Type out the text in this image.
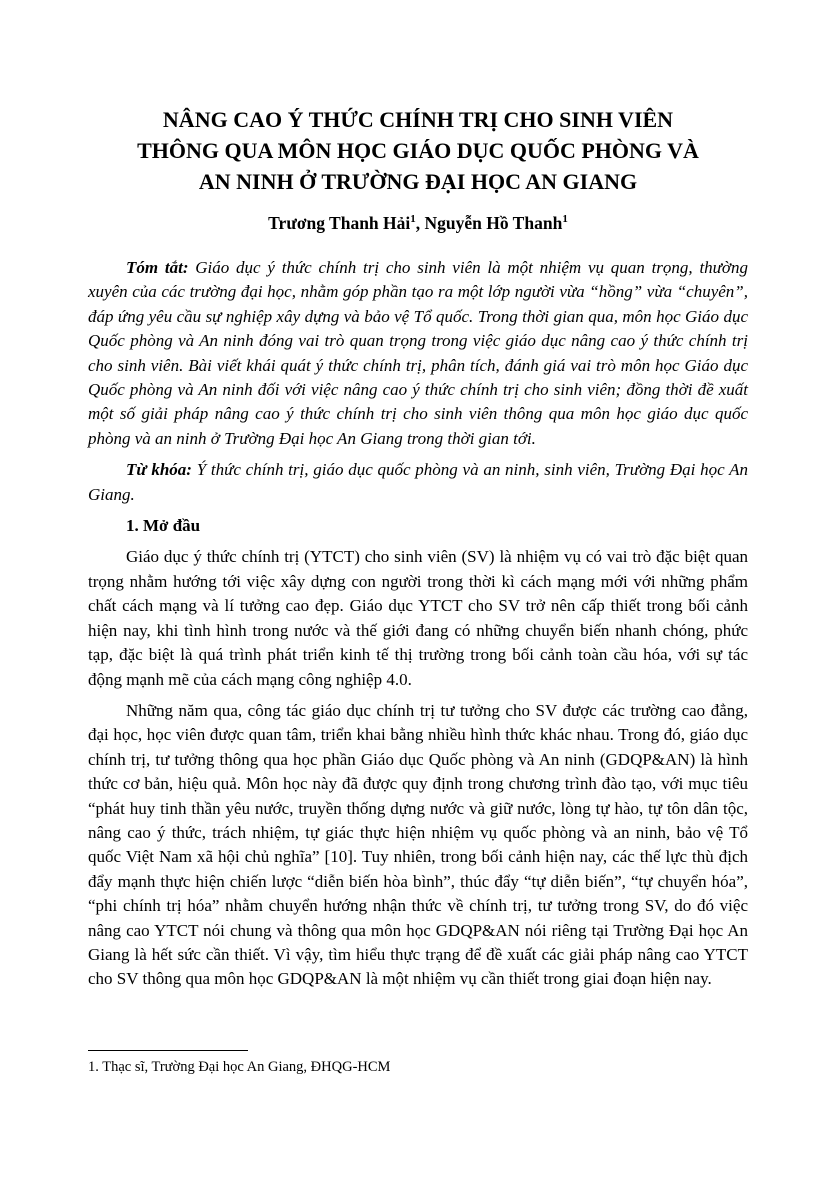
NÂNG CAO Ý THỨC CHÍNH TRỊ CHO SINH VIÊN
THÔNG QUA MÔN HỌC GIÁO DỤC QUỐC PHÒNG VÀ
AN NINH Ở TRƯỜNG ĐẠI HỌC AN GIANG

Trương Thanh Hải$^1$, Nguyễn Hồ Thanh$^1$

Tóm tắt: Giáo dục ý thức chính trị cho sinh viên là một nhiệm vụ quan trọng, thường xuyên của các trường đại học, nhằm góp phần tạo ra một lớp người vừa “hồng” vừa “chuyên”, đáp ứng yêu cầu sự nghiệp xây dựng và bảo vệ Tổ quốc. Trong thời gian qua, môn học Giáo dục Quốc phòng và An ninh đóng vai trò quan trọng trong việc giáo dục nâng cao ý thức chính trị cho sinh viên. Bài viết khái quát ý thức chính trị, phân tích, đánh giá vai trò môn học Giáo dục Quốc phòng và An ninh đối với việc nâng cao ý thức chính trị cho sinh viên; đồng thời đề xuất một số giải pháp nâng cao ý thức chính trị cho sinh viên thông qua môn học giáo dục quốc phòng và an ninh ở Trường Đại học An Giang trong thời gian tới.

Từ khóa: Ý thức chính trị, giáo dục quốc phòng và an ninh, sinh viên, Trường Đại học An Giang.

1. Mở đầu

Giáo dục ý thức chính trị (YTCT) cho sinh viên (SV) là nhiệm vụ có vai trò đặc biệt quan trọng nhằm hướng tới việc xây dựng con người trong thời kì cách mạng mới với những phẩm chất cách mạng và lí tưởng cao đẹp. Giáo dục YTCT cho SV trở nên cấp thiết trong bối cảnh hiện nay, khi tình hình trong nước và thế giới đang có những chuyển biến nhanh chóng, phức tạp, đặc biệt là quá trình phát triển kinh tế thị trường trong bối cảnh toàn cầu hóa, với sự tác động mạnh mẽ của cách mạng công nghiệp 4.0.

Những năm qua, công tác giáo dục chính trị tư tưởng cho SV được các trường cao đẳng, đại học, học viên được quan tâm, triển khai bằng nhiều hình thức khác nhau. Trong đó, giáo dục chính trị, tư tưởng thông qua học phần Giáo dục Quốc phòng và An ninh (GDQP&AN) là hình thức cơ bản, hiệu quả. Môn học này đã được quy định trong chương trình đào tạo, với mục tiêu “phát huy tinh thần yêu nước, truyền thống dựng nước và giữ nước, lòng tự hào, tự tôn dân tộc, nâng cao ý thức, trách nhiệm, tự giác thực hiện nhiệm vụ quốc phòng và an ninh, bảo vệ Tổ quốc Việt Nam xã hội chủ nghĩa” [10]. Tuy nhiên, trong bối cảnh hiện nay, các thế lực thù địch đẩy mạnh thực hiện chiến lược “diễn biến hòa bình”, thúc đẩy “tự diễn biến”, “tự chuyển hóa”, “phi chính trị hóa” nhằm chuyển hướng nhận thức về chính trị, tư tưởng trong SV, do đó việc nâng cao YTCT nói chung và thông qua môn học GDQP&AN nói riêng tại Trường Đại học An Giang là hết sức cần thiết. Vì vậy, tìm hiểu thực trạng để đề xuất các giải pháp nâng cao YTCT cho SV thông qua môn học GDQP&AN là một nhiệm vụ cần thiết trong giai đoạn hiện nay.

1. Thạc sĩ, Trường Đại học An Giang, ĐHQG-HCM
